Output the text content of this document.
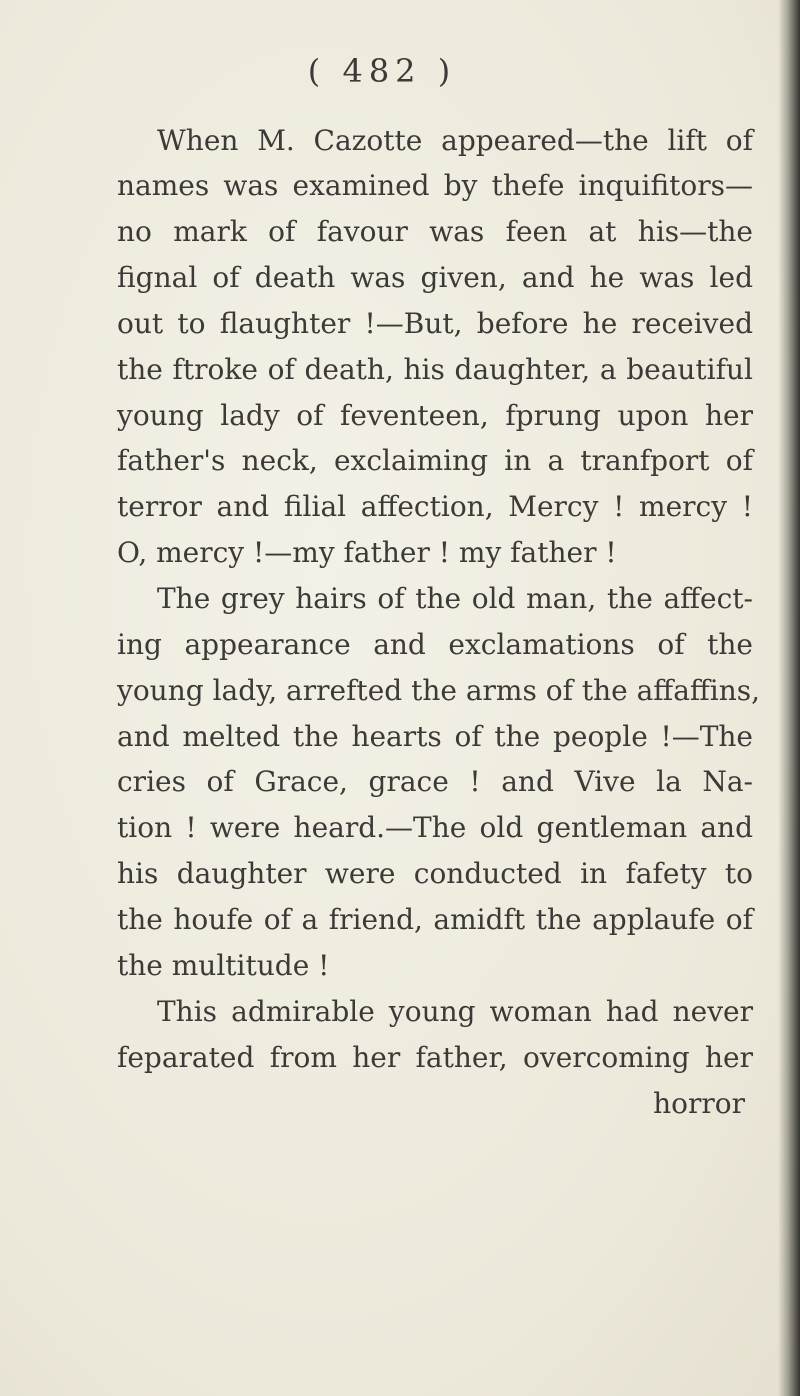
( 482 )
When M. Cazotte appeared—the lift of
names was examined by thefe inquifitors—
no mark of favour was feen at his—the
fignal of death was given, and he was led
out to flaughter !—But, before he received
the ftroke of death, his daughter, a beautiful
young lady of feventeen, fprung upon her
father's neck, exclaiming in a tranfport of
terror and filial affection, Mercy ! mercy !
O, mercy !—my father ! my father !
The grey hairs of the old man, the affect-
ing appearance and exclamations of the
young lady, arrefted the arms of the affaffins,
and melted the hearts of the people !—The
cries of Grace, grace ! and Vive la Na-
tion ! were heard.—The old gentleman and
his daughter were conducted in fafety to
the houfe of a friend, amidft the applaufe of
the multitude !
This admirable young woman had never
feparated from her father, overcoming her
horror
